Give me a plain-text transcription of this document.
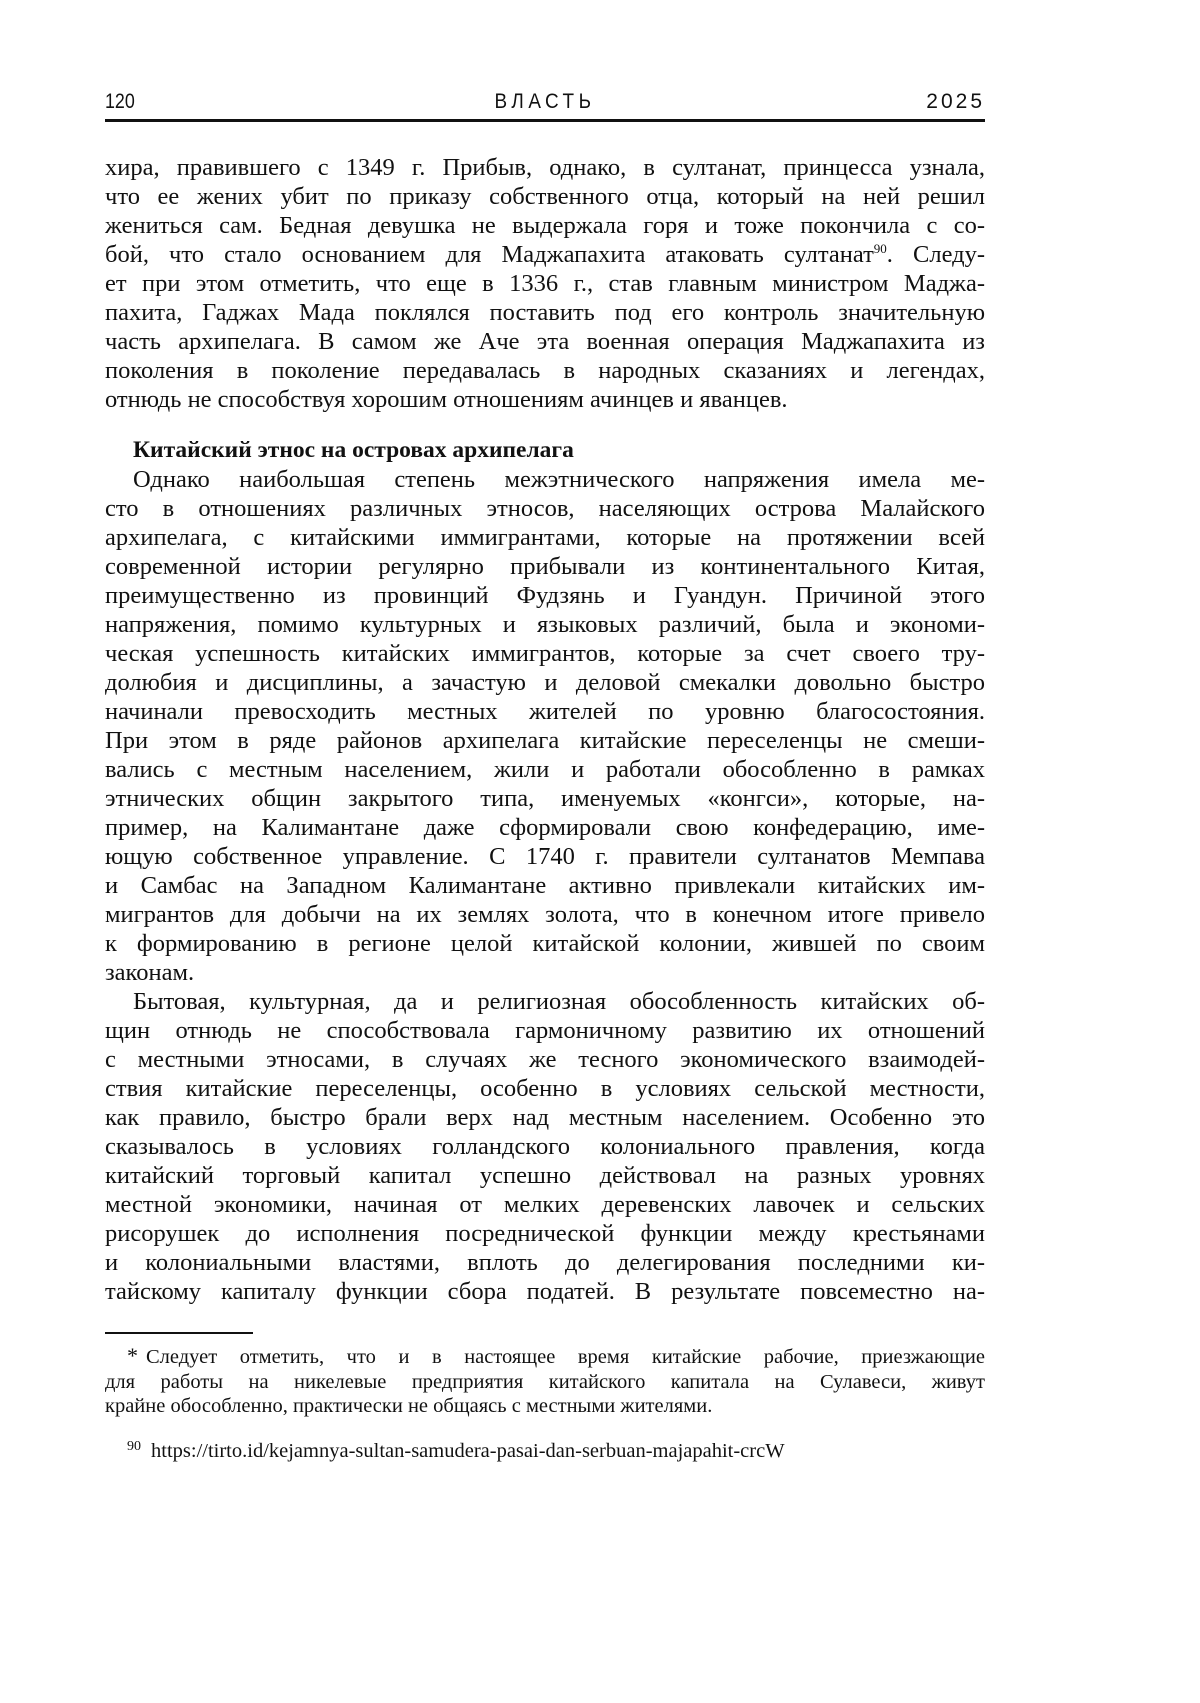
120	ВЛАСТЬ	2025
хира, правившего с 1349 г. Прибыв, однако, в султанат, принцесса узнала,
что ее жених убит по приказу собственного отца, который на ней решил
жениться сам. Бедная девушка не выдержала горя и тоже покончила с со-
бой, что стало основанием для Маджапахита атаковать султанат90. Следу-
ет при этом отметить, что еще в 1336 г., став главным министром Маджа-
пахита, Гаджах Мада поклялся поставить под его контроль значительную
часть архипелага. В самом же Аче эта военная операция Маджапахита из
поколения в поколение передавалась в народных сказаниях и легендах,
отнюдь не способствуя хорошим отношениям ачинцев и яванцев.
Китайский этнос на островах архипелага
Однако наибольшая степень межэтнического напряжения имела ме-
сто в отношениях различных этносов, населяющих острова Малайского
архипелага, с китайскими иммигрантами, которые на протяжении всей
современной истории регулярно прибывали из континентального Китая,
преимущественно из провинций Фудзянь и Гуандун. Причиной этого
напряжения, помимо культурных и языковых различий, была и экономи-
ческая успешность китайских иммигрантов, которые за счет своего тру-
долюбия и дисциплины, а зачастую и деловой смекалки довольно быстро
начинали превосходить местных жителей по уровню благосостояния.
При этом в ряде районов архипелага китайские переселенцы не смеши-
вались с местным населением, жили и работали обособленно в рамках
этнических общин закрытого типа, именуемых «конгси», которые, на-
пример, на Калимантане даже сформировали свою конфедерацию, име-
ющую собственное управление. С 1740 г. правители султанатов Мемпава
и Самбас на Западном Калимантане активно привлекали китайских им-
мигрантов для добычи на их землях золота, что в конечном итоге привело
к формированию в регионе целой китайской колонии, жившей по своим
законам.
Бытовая, культурная, да и религиозная обособленность китайских об-
щин отнюдь не способствовала гармоничному развитию их отношений
с местными этносами, в случаях же тесного экономического взаимодей-
ствия китайские переселенцы, особенно в условиях сельской местности,
как правило, быстро брали верх над местным населением. Особенно это
сказывалось в условиях голландского колониального правления, когда
китайский торговый капитал успешно действовал на разных уровнях
местной экономики, начиная от мелких деревенских лавочек и сельских
рисорушек до исполнения посреднической функции между крестьянами
и колониальными властями, вплоть до делегирования последними ки-
тайскому капиталу функции сбора податей. В результате повсеместно на-
* Следует отметить, что и в настоящее время китайские рабочие, приезжающие
для работы на никелевые предприятия китайского капитала на Сулавеси, живут
крайне обособленно, практически не общаясь с местными жителями.
90 https://tirto.id/kejamnya-sultan-samudera-pasai-dan-serbuan-majapahit-crcW
